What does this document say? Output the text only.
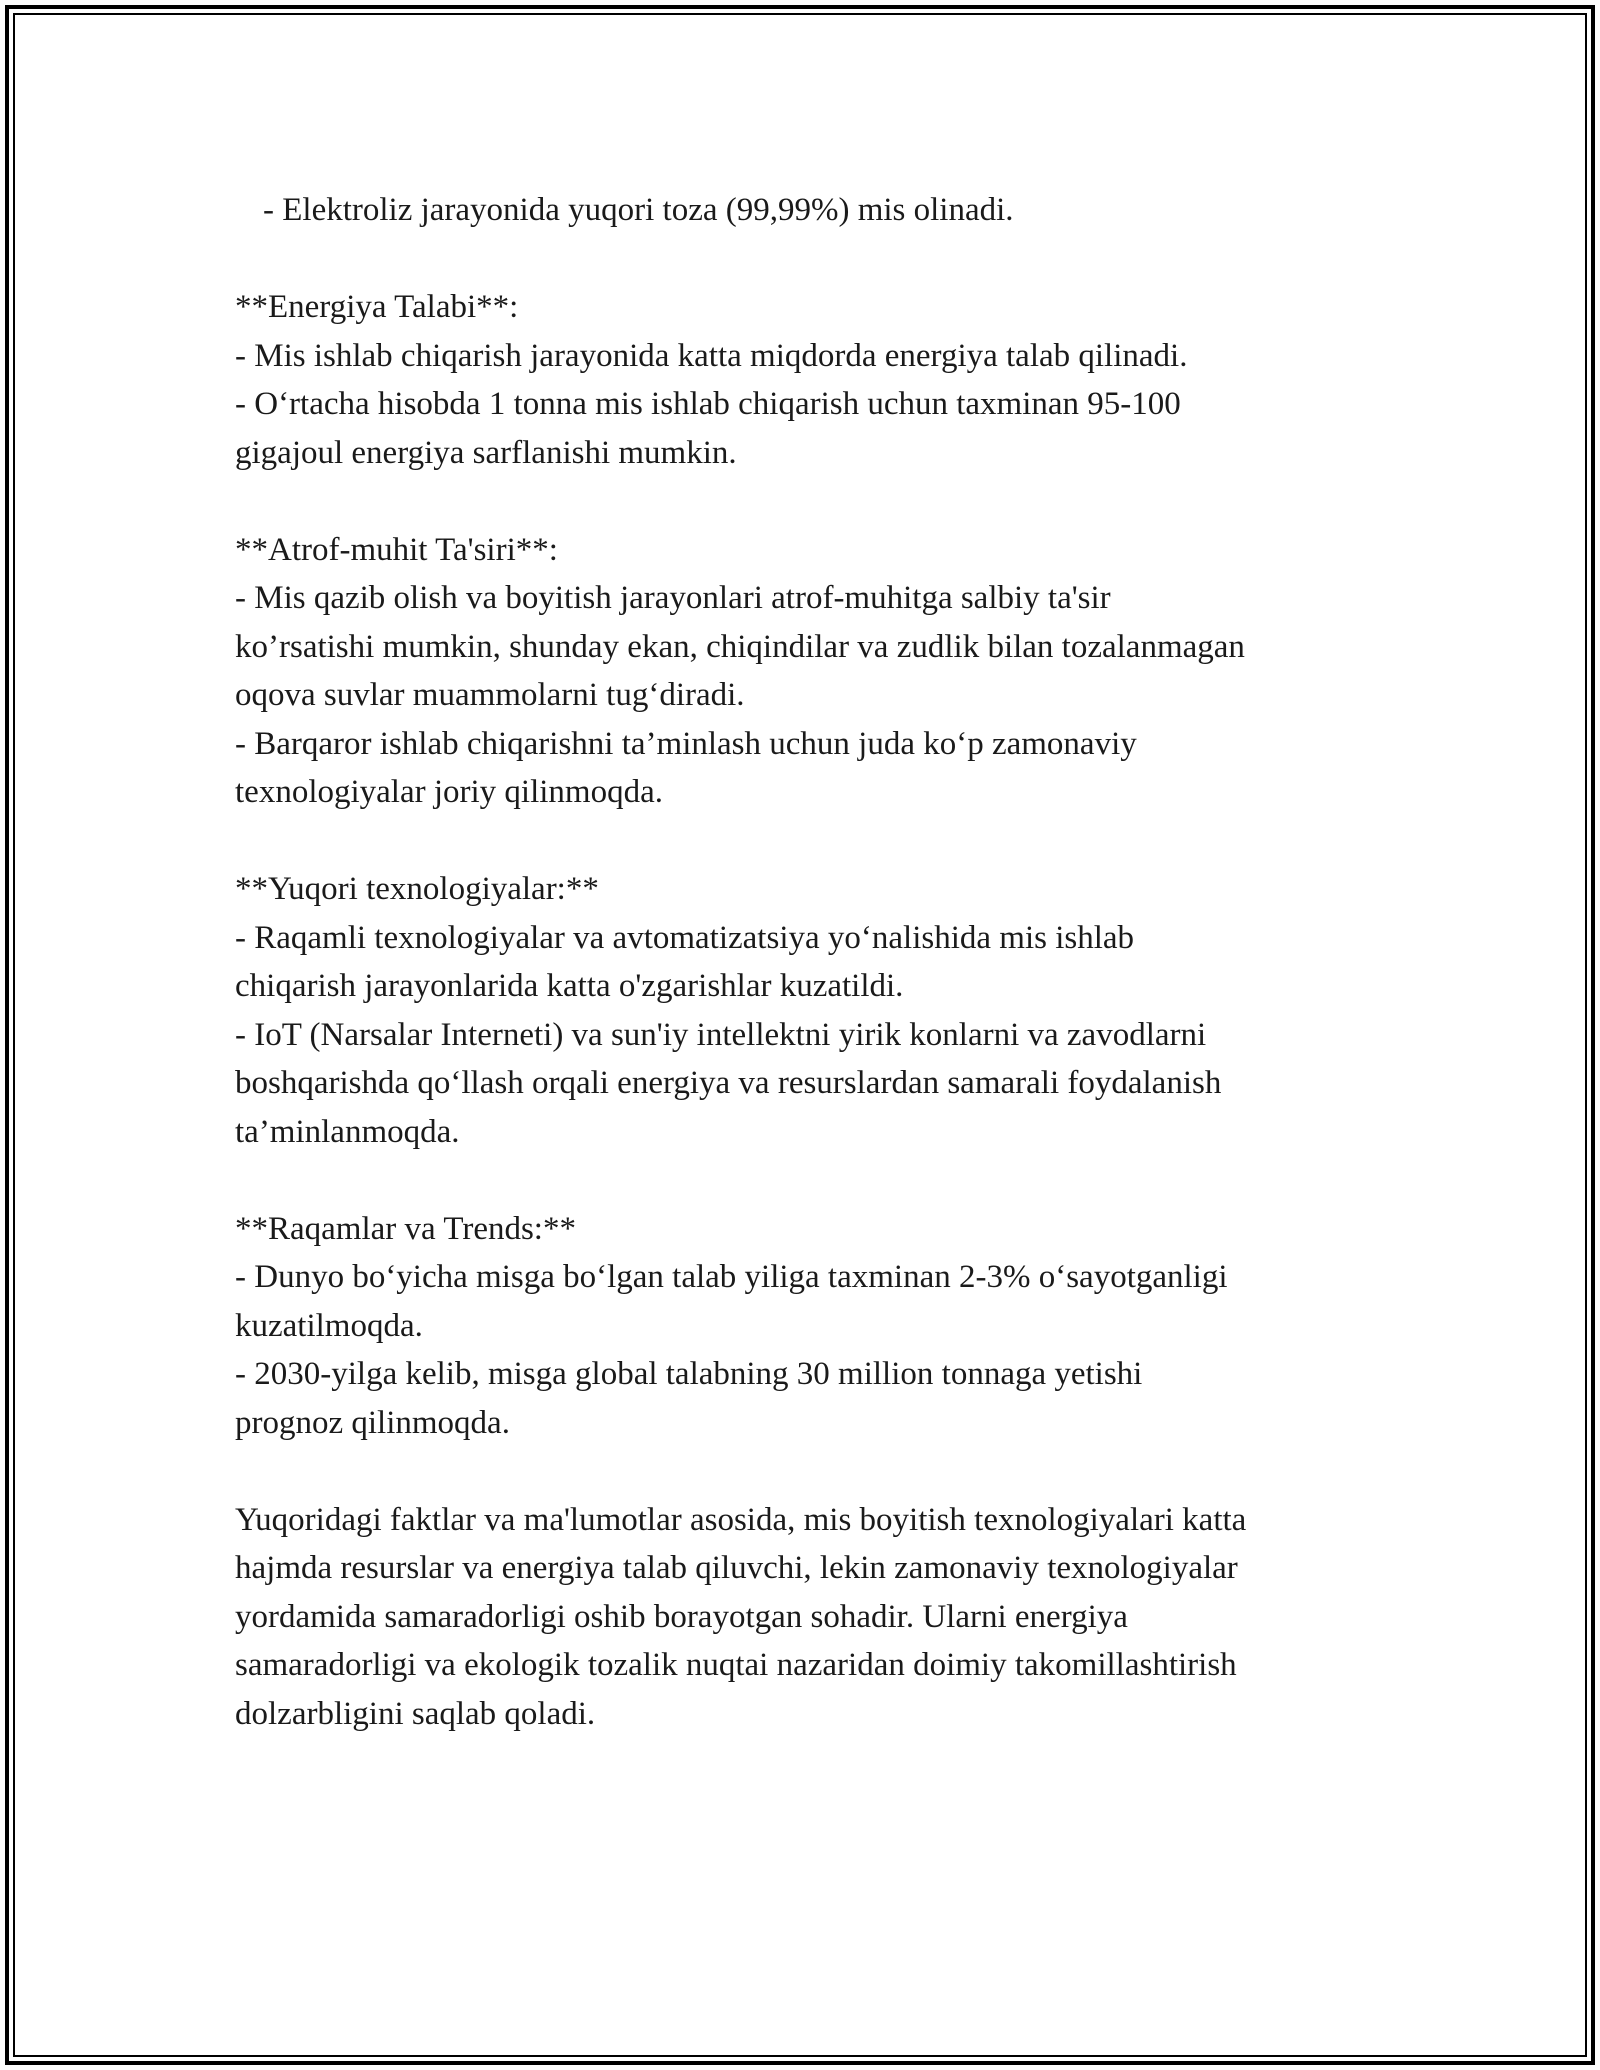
- Elektroliz jarayonida yuqori toza (99,99%) mis olinadi.
**Energiya Talabi**:
- Mis ishlab chiqarish jarayonida katta miqdorda energiya talab qilinadi.
- O‘rtacha hisobda 1 tonna mis ishlab chiqarish uchun taxminan 95-100
gigajoul energiya sarflanishi mumkin.
**Atrof-muhit Ta'siri**:
- Mis qazib olish va boyitish jarayonlari atrof-muhitga salbiy ta'sir
ko’rsatishi mumkin, shunday ekan, chiqindilar va zudlik bilan tozalanmagan
oqova suvlar muammolarni tug‘diradi.
- Barqaror ishlab chiqarishni ta’minlash uchun juda ko‘p zamonaviy
texnologiyalar joriy qilinmoqda.
**Yuqori texnologiyalar:**
- Raqamli texnologiyalar va avtomatizatsiya yo‘nalishida mis ishlab
chiqarish jarayonlarida katta o'zgarishlar kuzatildi.
- IoT (Narsalar Interneti) va sun'iy intellektni yirik konlarni va zavodlarni
boshqarishda qo‘llash orqali energiya va resurslardan samarali foydalanish
ta’minlanmoqda.
**Raqamlar va Trends:**
- Dunyo bo‘yicha misga bo‘lgan talab yiliga taxminan 2-3% o‘sayotganligi
kuzatilmoqda.
- 2030-yilga kelib, misga global talabning 30 million tonnaga yetishi
prognoz qilinmoqda.
Yuqoridagi faktlar va ma'lumotlar asosida, mis boyitish texnologiyalari katta
hajmda resurslar va energiya talab qiluvchi, lekin zamonaviy texnologiyalar
yordamida samaradorligi oshib borayotgan sohadir. Ularni energiya
samaradorligi va ekologik tozalik nuqtai nazaridan doimiy takomillashtirish
dolzarbligini saqlab qoladi.
